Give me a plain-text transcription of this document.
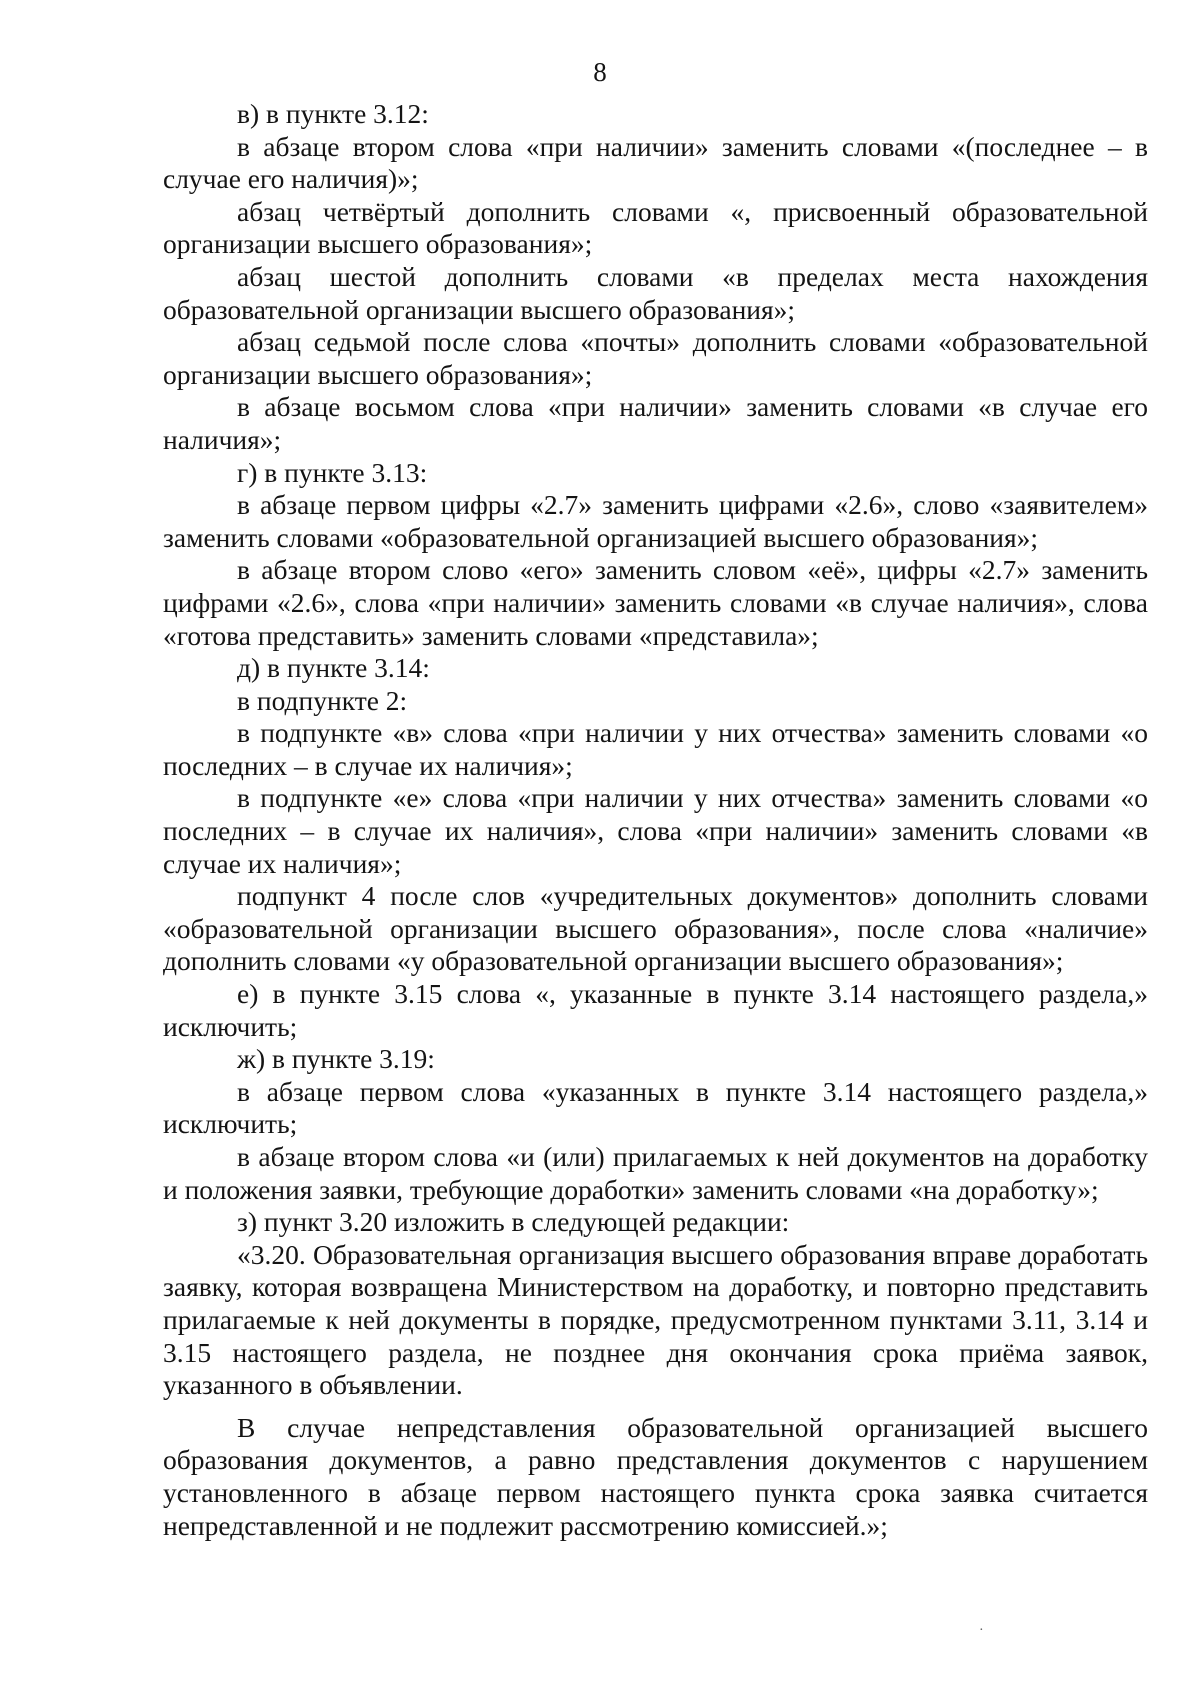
8

в) в пункте 3.12:

в абзаце втором слова «при наличии» заменить словами «(последнее – в случае его наличия)»;

абзац четвёртый дополнить словами «, присвоенный образовательной организации высшего образования»;

абзац шестой дополнить словами «в пределах места нахождения образовательной организации высшего образования»;

абзац седьмой после слова «почты» дополнить словами «образовательной организации высшего образования»;

в абзаце восьмом слова «при наличии» заменить словами «в случае его наличия»;

г) в пункте 3.13:

в абзаце первом цифры «2.7» заменить цифрами «2.6», слово «заявителем» заменить словами «образовательной организацией высшего образования»;

в абзаце втором слово «его» заменить словом «её», цифры «2.7» заменить цифрами «2.6», слова «при наличии» заменить словами «в случае наличия», слова «готова представить» заменить словами «представила»;

д) в пункте 3.14:

в подпункте 2:

в подпункте «в» слова «при наличии у них отчества» заменить словами «о последних – в случае их наличия»;

в подпункте «е» слова «при наличии у них отчества» заменить словами «о последних – в случае их наличия», слова «при наличии» заменить словами «в случае их наличия»;

подпункт 4 после слов «учредительных документов» дополнить словами «образовательной организации высшего образования», после слова «наличие» дополнить словами «у образовательной организации высшего образования»;

е) в пункте 3.15 слова «, указанные в пункте 3.14 настоящего раздела,» исключить;

ж) в пункте 3.19:

в абзаце первом слова «указанных в пункте 3.14 настоящего раздела,» исключить;

в абзаце втором слова «и (или) прилагаемых к ней документов на доработку и положения заявки, требующие доработки» заменить словами «на доработку»;

з) пункт 3.20 изложить в следующей редакции:

«3.20. Образовательная организация высшего образования вправе доработать заявку, которая возвращена Министерством на доработку, и повторно представить прилагаемые к ней документы в порядке, предусмотренном пунктами 3.11, 3.14 и 3.15 настоящего раздела, не позднее дня окончания срока приёма заявок, указанного в объявлении.

В случае непредставления образовательной организацией высшего образования документов, а равно представления документов с нарушением установленного в абзаце первом настоящего пункта срока заявка считается непредставленной и не подлежит рассмотрению комиссией.»;

·
